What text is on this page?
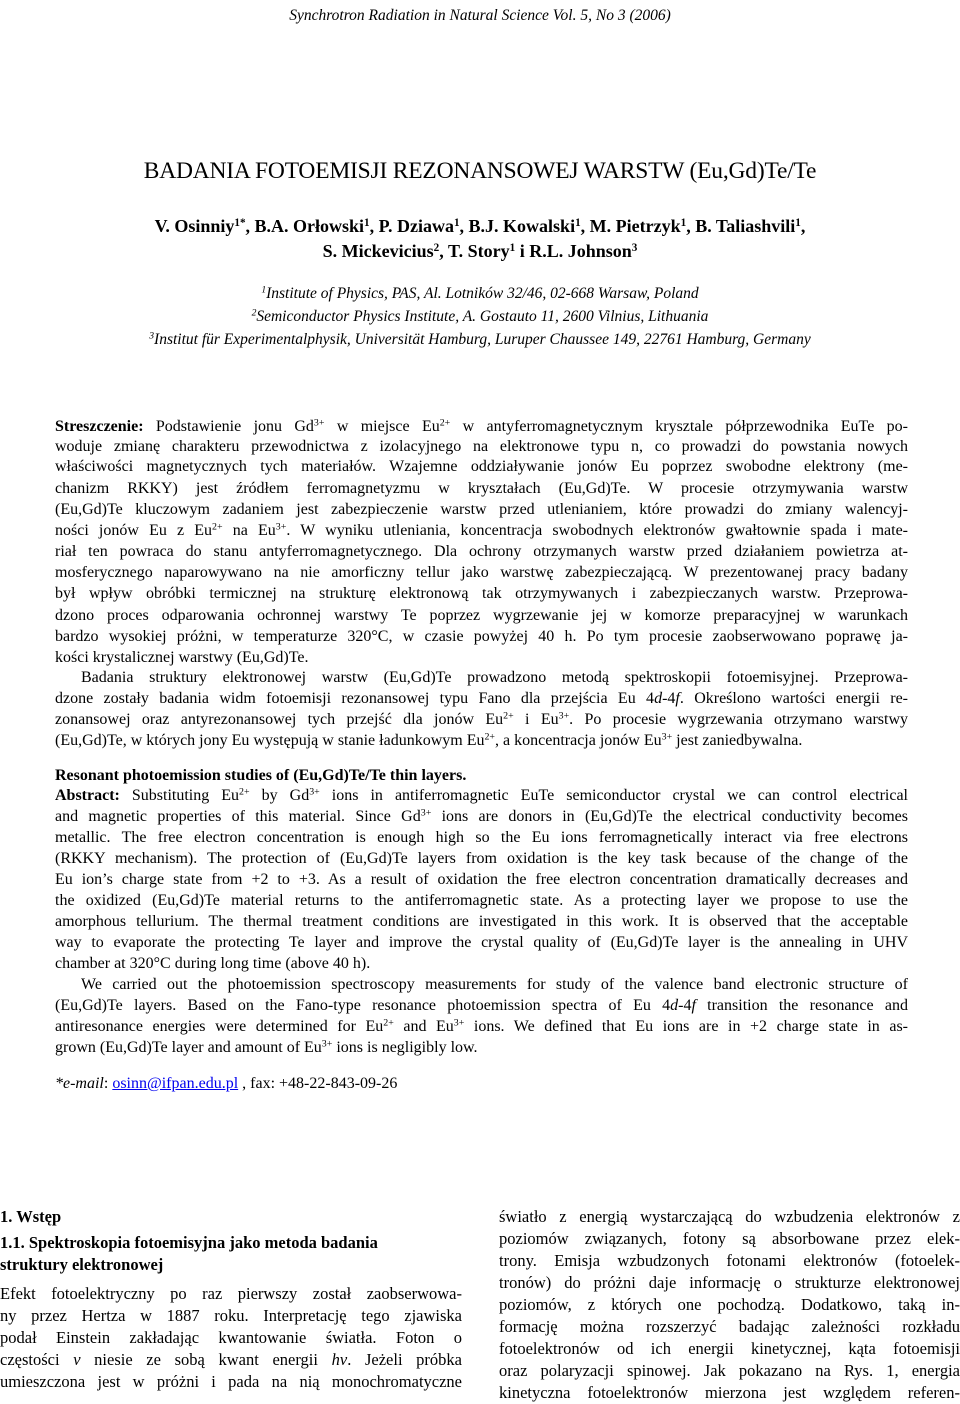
Synchrotron Radiation in Natural Science Vol. 5, No 3 (2006)
BADANIA FOTOEMISJI REZONANSOWEJ WARSTW (Eu,Gd)Te/Te
V. Osinniy$^{1*}$, B.A. Orłowski$^1$, P. Dziawa$^1$, B.J. Kowalski$^1$, M. Pietrzyk$^1$, B. Taliashvili$^1$,
S. Mickevicius$^2$, T. Story$^1$ i R.L. Johnson$^3$
$^1$Institute of Physics, PAS, Al. Lotników 32/46, 02-668 Warsaw, Poland
$^2$Semiconductor Physics Institute, A. Gostauto 11, 2600 Vilnius, Lithuania
$^3$Institut für Experimentalphysik, Universität Hamburg, Luruper Chaussee 149, 22761 Hamburg, Germany
Streszczenie: Podstawienie jonu $Gd^{3+}$ w miejsce $Eu^{2+}$ w antyferromagnetycznym krysztale półprzewodnika EuTe po-
woduje zmianę charakteru przewodnictwa z izolacyjnego na elektronowe typu n, co prowadzi do powstania nowych
właściwości magnetycznych tych materiałów. Wzajemne oddziaływanie jonów Eu poprzez swobodne elektrony (me-
chanizm RKKY) jest źródłem ferromagnetyzmu w kryształach (Eu,Gd)Te. W procesie otrzymywania warstw
(Eu,Gd)Te kluczowym zadaniem jest zabezpieczenie warstw przed utlenianiem, które prowadzi do zmiany walencyj-
ności jonów Eu z $Eu^{2+}$ na $Eu^{3+}$. W wyniku utleniania, koncentracja swobodnych elektronów gwałtownie spada i mate-
riał ten powraca do stanu antyferromagnetycznego. Dla ochrony otrzymanych warstw przed działaniem powietrza at-
mosferycznego naparowywano na nie amorficzny tellur jako warstwę zabezpieczającą. W prezentowanej pracy badany
był wpływ obróbki termicznej na strukturę elektronową tak otrzymywanych i zabezpieczanych warstw. Przeprowa-
dzono proces odparowania ochronnej warstwy Te poprzez wygrzewanie jej w komorze preparacyjnej w warunkach
bardzo wysokiej próżni, w temperaturze 320°C, w czasie powyżej 40 h. Po tym procesie zaobserwowano poprawę ja-
kości krystalicznej warstwy (Eu,Gd)Te.
Badania struktury elektronowej warstw (Eu,Gd)Te prowadzono metodą spektroskopii fotoemisyjnej. Przeprowa-
dzone zostały badania widm fotoemisji rezonansowej typu Fano dla przejścia Eu 4d-4f. Określono wartości energii re-
zonansowej oraz antyrezonansowej tych przejść dla jonów $Eu^{2+}$ i $Eu^{3+}$. Po procesie wygrzewania otrzymano warstwy
(Eu,Gd)Te, w których jony Eu występują w stanie ładunkowym $Eu^{2+}$, a koncentracja jonów $Eu^{3+}$ jest zaniedbywalna.
Resonant photoemission studies of (Eu,Gd)Te/Te thin layers.
Abstract: Substituting $Eu^{2+}$ by $Gd^{3+}$ ions in antiferromagnetic EuTe semiconductor crystal we can control electrical
and magnetic properties of this material. Since $Gd^{3+}$ ions are donors in (Eu,Gd)Te the electrical conductivity becomes
metallic. The free electron concentration is enough high so the Eu ions ferromagnetically interact via free electrons
(RKKY mechanism). The protection of (Eu,Gd)Te layers from oxidation is the key task because of the change of the
Eu ion’s charge state from +2 to +3. As a result of oxidation the free electron concentration dramatically decreases and
the oxidized (Eu,Gd)Te material returns to the antiferromagnetic state. As a protecting layer we propose to use the
amorphous tellurium. The thermal treatment conditions are investigated in this work. It is observed that the acceptable
way to evaporate the protecting Te layer and improve the crystal quality of (Eu,Gd)Te layer is the annealing in UHV
chamber at 320°C during long time (above 40 h).
We carried out the photoemission spectroscopy measurements for study of the valence band electronic structure of
(Eu,Gd)Te layers. Based on the Fano-type resonance photoemission spectra of Eu 4d-4f transition the resonance and
antiresonance energies were determined for $Eu^{2+}$ and $Eu^{3+}$ ions. We defined that Eu ions are in +2 charge state in as-
grown (Eu,Gd)Te layer and amount of $Eu^{3+}$ ions is negligibly low.
*e-mail: osinn@ifpan.edu.pl , fax: +48-22-843-09-26
1. Wstęp
1.1. Spektroskopia fotoemisyjna jako metoda badania
struktury elektronowej
Efekt fotoelektryczny po raz pierwszy został zaobserwowa-
ny przez Hertza w 1887 roku. Interpretację tego zjawiska
podał Einstein zakładając kwantowanie światła. Foton o
częstości ν niesie ze sobą kwant energii hν. Jeżeli próbka
umieszczona jest w próżni i pada na nią monochromatyczne
światło z energią wystarczającą do wzbudzenia elektronów z
poziomów związanych, fotony są absorbowane przez elek-
trony. Emisja wzbudzonych fotonami elektronów (fotoelek-
tronów) do próżni daje informację o strukturze elektronowej
poziomów, z których one pochodzą. Dodatkowo, taką in-
formację można rozszerzyć badając zależności rozkładu
fotoelektronów od ich energii kinetycznej, kąta fotoemisji
oraz polaryzacji spinowej. Jak pokazano na Rys. 1, energia
kinetyczna fotoelektronów mierzona jest względem referen-
